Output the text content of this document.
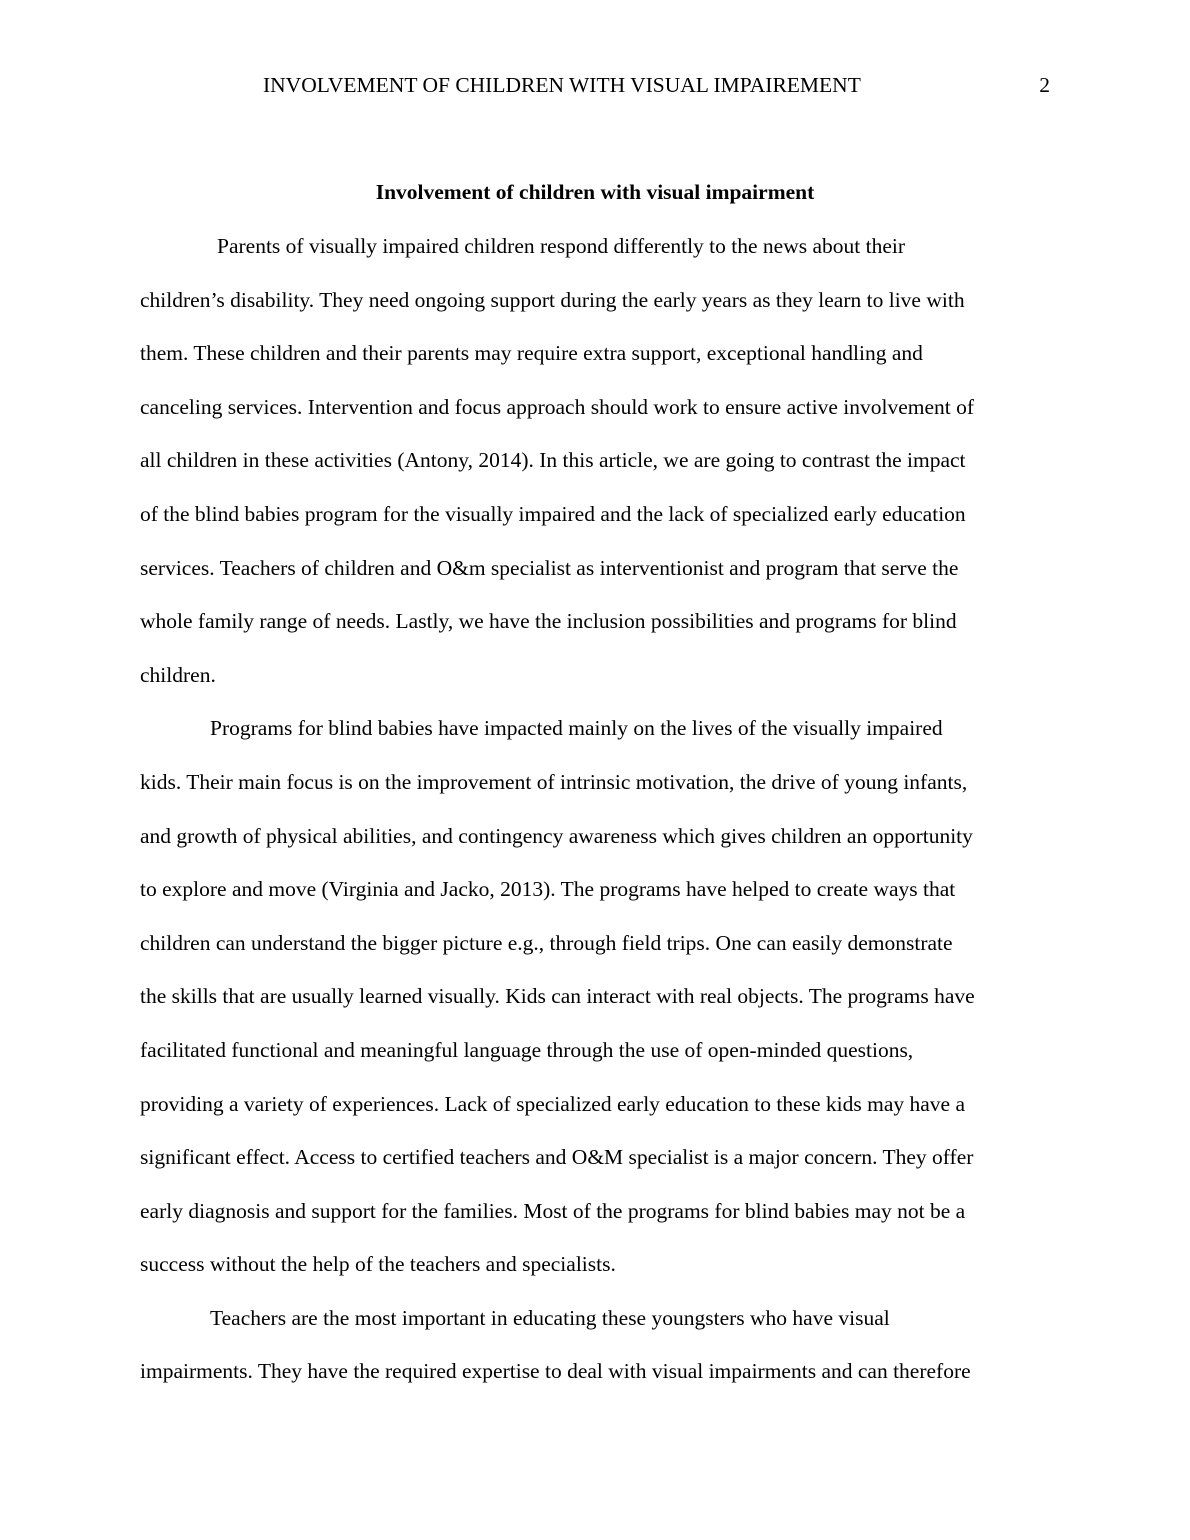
INVOLVEMENT OF CHILDREN WITH VISUAL IMPAIREMENT	2
Involvement of children with visual impairment
Parents of visually impaired children respond differently to the news about their
children’s disability. They need ongoing support during the early years as they learn to live with
them. These children and their parents may require extra support, exceptional handling and
canceling services. Intervention and focus approach should work to ensure active involvement of
all children in these activities (Antony, 2014). In this article, we are going to contrast the impact
of the blind babies program for the visually impaired and the lack of specialized early education
services. Teachers of children and O&m specialist as interventionist and program that serve the
whole family range of needs. Lastly, we have the inclusion possibilities and programs for blind
children.
Programs for blind babies have impacted mainly on the lives of the visually impaired
kids. Their main focus is on the improvement of intrinsic motivation, the drive of young infants,
and growth of physical abilities, and contingency awareness which gives children an opportunity
to explore and move (Virginia and Jacko, 2013). The programs have helped to create ways that
children can understand the bigger picture e.g., through field trips. One can easily demonstrate
the skills that are usually learned visually. Kids can interact with real objects. The programs have
facilitated functional and meaningful language through the use of open-minded questions,
providing a variety of experiences. Lack of specialized early education to these kids may have a
significant effect. Access to certified teachers and O&M specialist is a major concern. They offer
early diagnosis and support for the families. Most of the programs for blind babies may not be a
success without the help of the teachers and specialists.
Teachers are the most important in educating these youngsters who have visual
impairments. They have the required expertise to deal with visual impairments and can therefore
